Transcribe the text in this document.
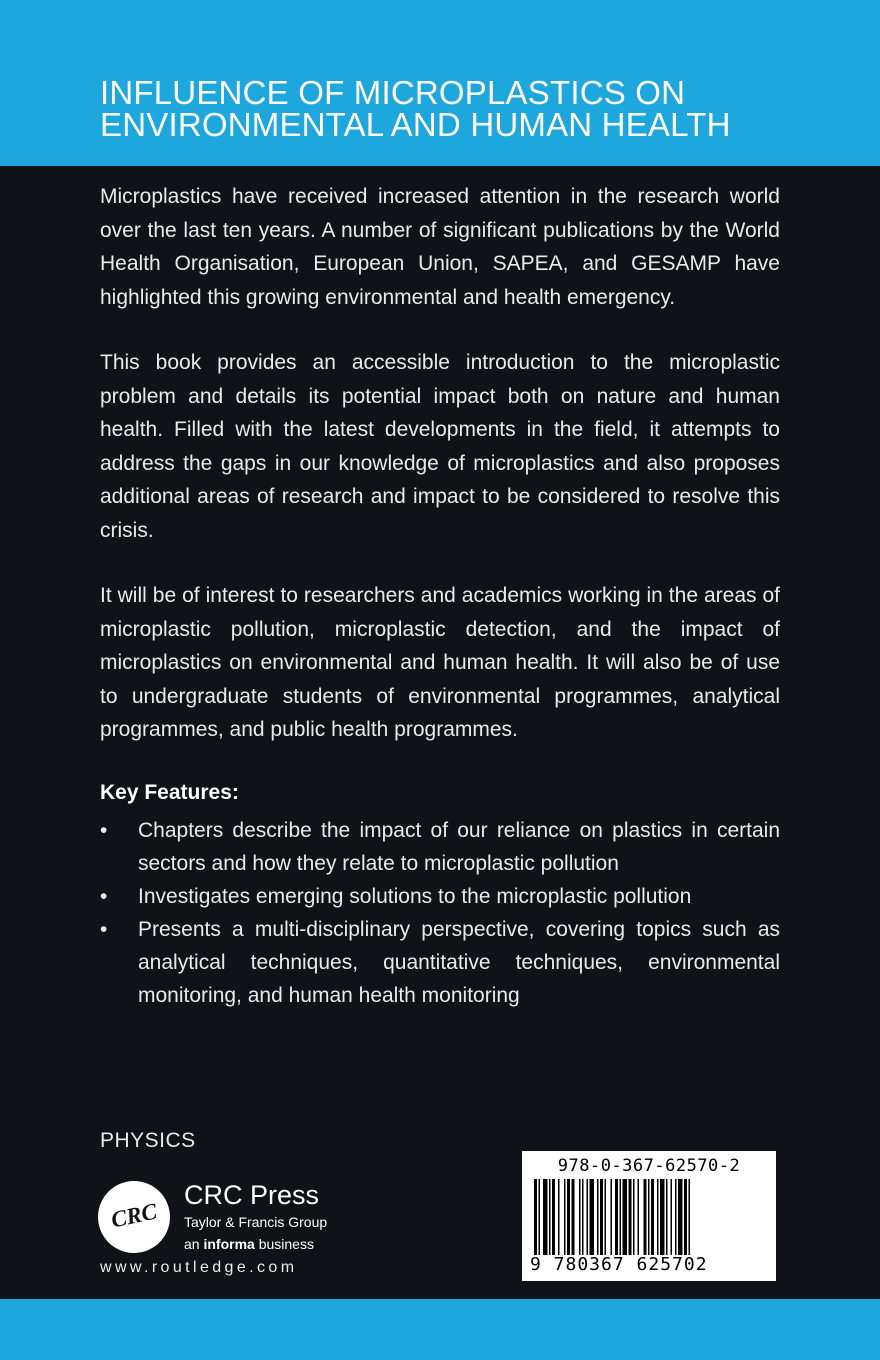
INFLUENCE OF MICROPLASTICS ON
ENVIRONMENTAL AND HUMAN HEALTH

Microplastics have received increased attention in the research world over the last ten years. A number of significant publications by the World Health Organisation, European Union, SAPEA, and GESAMP have highlighted this growing environmental and health emergency.

This book provides an accessible introduction to the microplastic problem and details its potential impact both on nature and human health. Filled with the latest developments in the field, it attempts to address the gaps in our knowledge of microplastics and also proposes additional areas of research and impact to be considered to resolve this crisis.

It will be of interest to researchers and academics working in the areas of microplastic pollution, microplastic detection, and the impact of microplastics on environmental and human health. It will also be of use to undergraduate students of environmental programmes, analytical programmes, and public health programmes.

Key Features:
• Chapters describe the impact of our reliance on plastics in certain sectors and how they relate to microplastic pollution
• Investigates emerging solutions to the microplastic pollution
• Presents a multi-disciplinary perspective, covering topics such as analytical techniques, quantitative techniques, environmental monitoring, and human health monitoring

PHYSICS

CRC

CRC Press

Taylor & Francis Group

an informa business

www.routledge.com

978-0-367-62570-2
9 780367 625702
